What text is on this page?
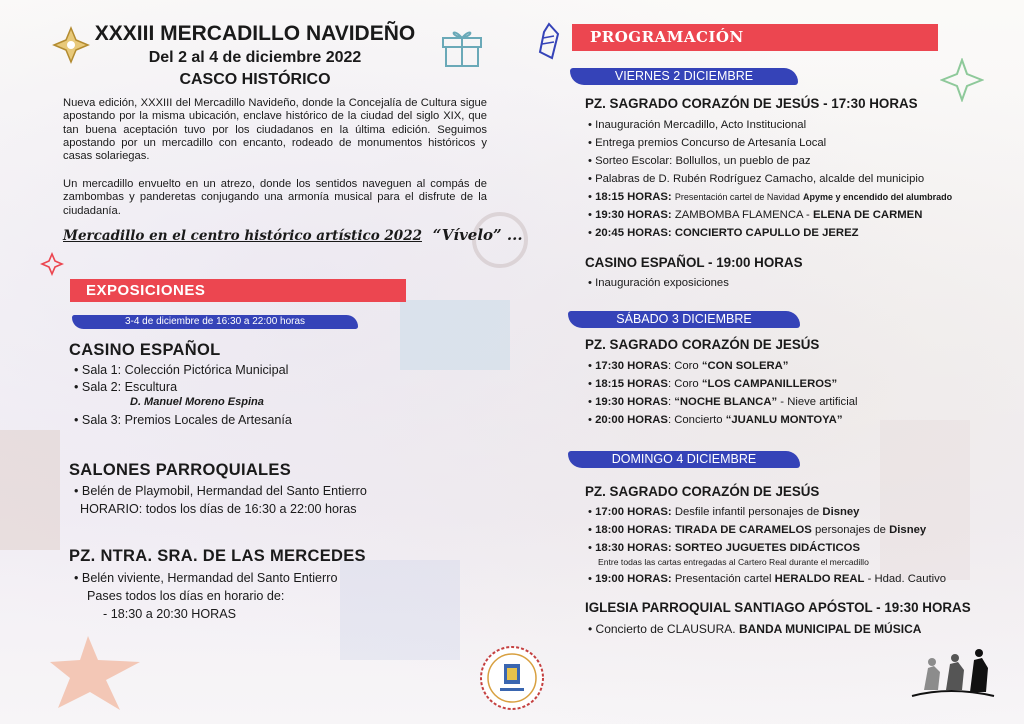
XXXIII MERCADILLO NAVIDEÑO
Del 2 al 4 de diciembre 2022
CASCO HISTÓRICO
Nueva edición, XXXIII del Mercadillo Navideño, donde la Concejalía de Cultura sigue apostando por la misma ubicación, enclave histórico de la ciudad del siglo XIX, que tan buena aceptación tuvo por los ciudadanos en la última edición. Seguimos apostando por un mercadillo con encanto, rodeado de monumentos históricos y casas solariegas.
Un mercadillo envuelto en un atrezo, donde los sentidos naveguen al compás de zambombas y panderetas conjugando una armonía musical para el disfrute de la ciudadanía.
Mercadillo en el centro histórico artístico 2022 “Vívelo” ...
EXPOSICIONES
3-4 de diciembre de 16:30 a 22:00 horas
CASINO ESPAÑOL
• Sala 1: Colección Pictórica Municipal
• Sala 2: Escultura
D. Manuel Moreno Espina
• Sala 3: Premios Locales de Artesanía
SALONES PARROQUIALES
• Belén de Playmobil, Hermandad del Santo Entierro
HORARIO: todos los días de 16:30 a 22:00 horas
PZ. NTRA. SRA. DE LAS MERCEDES
• Belén viviente, Hermandad del Santo Entierro
Pases todos los días en horario de:
- 18:30 a 20:30 HORAS
PROGRAMACIÓN
VIERNES 2 DICIEMBRE
PZ. SAGRADO CORAZÓN DE JESÚS - 17:30 HORAS
• Inauguración Mercadillo, Acto Institucional
• Entrega premios Concurso de Artesanía Local
• Sorteo Escolar: Bollullos, un pueblo de paz
• Palabras de D. Rubén Rodríguez Camacho, alcalde del municipio
• 18:15 HORAS: Presentación cartel de Navidad Apyme y encendido del alumbrado
• 19:30 HORAS: ZAMBOMBA FLAMENCA - ELENA DE CARMEN
• 20:45 HORAS: CONCIERTO CAPULLO DE JEREZ
CASINO ESPAÑOL - 19:00 HORAS
• Inauguración exposiciones
SÁBADO 3 DICIEMBRE
PZ. SAGRADO CORAZÓN DE JESÚS
• 17:30 HORAS: Coro “CON SOLERA”
• 18:15 HORAS: Coro “LOS CAMPANILLEROS”
• 19:30 HORAS: “NOCHE BLANCA” - Nieve artificial
• 20:00 HORAS: Concierto “JUANLU MONTOYA”
DOMINGO 4 DICIEMBRE
PZ. SAGRADO CORAZÓN DE JESÚS
• 17:00 HORAS: Desfile infantil personajes de Disney
• 18:00 HORAS: TIRADA DE CARAMELOS personajes de Disney
• 18:30 HORAS: SORTEO JUGUETES DIDÁCTICOS
Entre todas las cartas entregadas al Cartero Real durante el mercadillo
• 19:00 HORAS: Presentación cartel HERALDO REAL - Hdad. Cautivo
IGLESIA PARROQUIAL SANTIAGO APÓSTOL - 19:30 HORAS
• Concierto de CLAUSURA. BANDA MUNICIPAL DE MÚSICA
